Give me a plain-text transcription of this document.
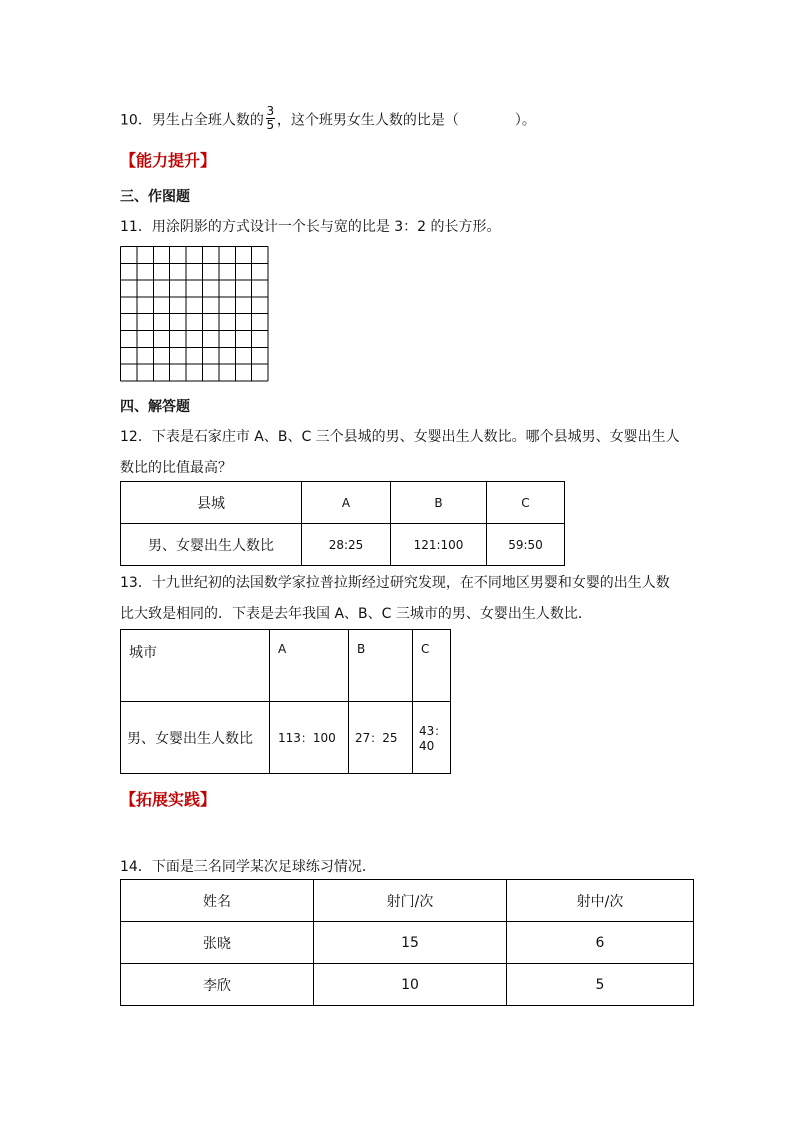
10．男生占全班人数的 $\frac{3}{5}$ ，这个班男女生人数的比是（	）。
【能力提升】
三、作图题
11．用涂阴影的方式设计一个长与宽的比是 3：2 的长方形。
四、解答题
12．下表是石家庄市 A、B、C 三个县城的男、女婴出生人数比。哪个县城男、女婴出生人
数比的比值最高？
县城	A	B	C
男、女婴出生人数比	28:25	121:100	59:50
13．十九世纪初的法国数学家拉普拉斯经过研究发现，在不同地区男婴和女婴的出生人数
比大致是相同的．下表是去年我国 A、B、C 三城市的男、女婴出生人数比．
城市	A	B	C
男、女婴出生人数比	113：100	27：25	43：40
【拓展实践】
14．下面是三名同学某次足球练习情况．
姓名	射门/次	射中/次
张晓	15	6
李欣	10	5
